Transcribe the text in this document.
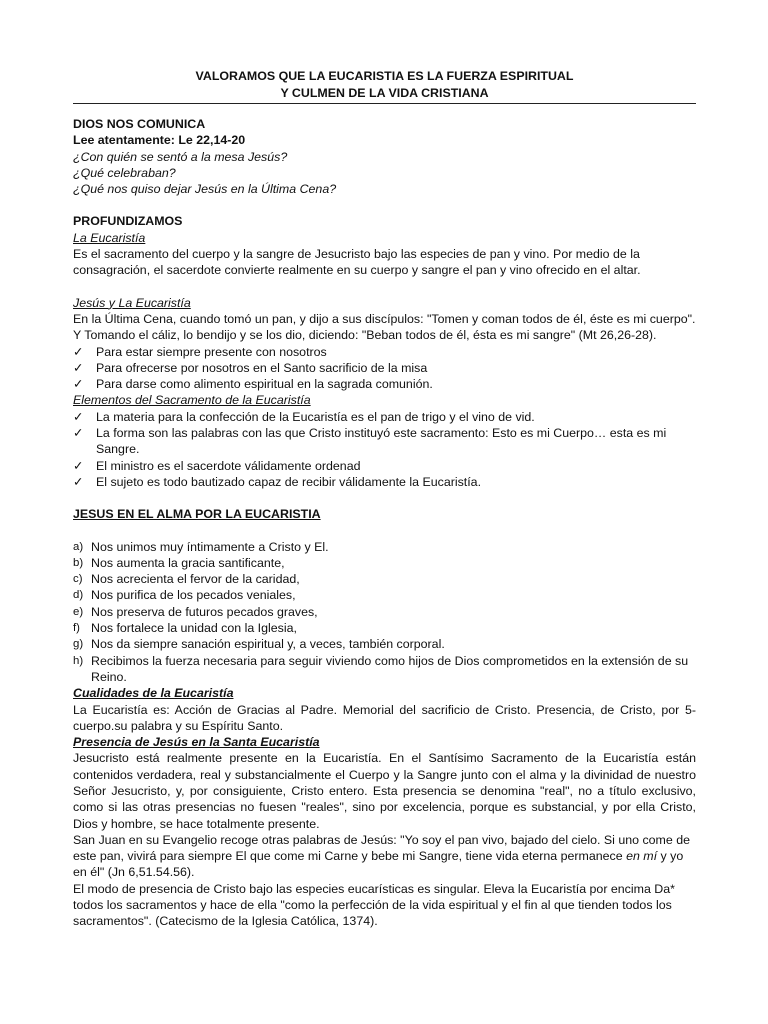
VALORAMOS QUE LA EUCARISTIA ES LA FUERZA ESPIRITUAL
Y CULMEN DE LA VIDA CRISTIANA
DIOS NOS COMUNICA
Lee atentamente: Le 22,14-20
¿Con quién se sentó a la mesa Jesús?
¿Qué celebraban?
¿Qué nos quiso dejar Jesús en la Última Cena?
PROFUNDIZAMOS
La Eucaristía

Es el sacramento del cuerpo y la sangre de Jesucristo bajo las especies de pan y vino. Por medio de la consagración, el sacerdote convierte realmente en su cuerpo y sangre el pan y vino ofrecido en el altar.

Jesús y La Eucaristía

En la Última Cena, cuando tomó un pan, y dijo a sus discípulos: "Tomen y coman todos de él, éste es mi cuerpo". Y Tomando el cáliz, lo bendijo y se los dio, diciendo: "Beban todos de él, ésta es mi sangre" (Mt 26,26-28).

✓ Para estar siempre presente con nosotros
✓ Para ofrecerse por nosotros en el Santo sacrificio de la misa
✓ Para darse como alimento espiritual en la sagrada comunión.
Elementos del Sacramento de la Eucaristía
✓ La materia para la confección de la Eucaristía es el pan de trigo y el vino de vid.
✓ La forma son las palabras con las que Cristo instituyó este sacramento: Esto es mi Cuerpo… esta es mi Sangre.
✓ El ministro es el sacerdote válidamente ordenad
✓ El sujeto es todo bautizado capaz de recibir válidamente la Eucaristía.
JESUS EN EL ALMA POR LA EUCARISTIA
a) Nos unimos muy íntimamente a Cristo y El.
b) Nos aumenta la gracia santificante,
c) Nos acrecienta el fervor de la caridad,
d) Nos purifica de los pecados veniales,
e) Nos preserva de futuros pecados graves,
f) Nos fortalece la unidad con la Iglesia,
g) Nos da siempre sanación espiritual y, a veces, también corporal.
h) Recibimos la fuerza necesaria para seguir viviendo como hijos de Dios comprometidos en la extensión de su Reino.
Cualidades de la Eucaristía

La Eucaristía es: Acción de Gracias al Padre. Memorial del sacrificio de Cristo. Presencia, de Cristo, por 5-cuerpo.su palabra y su Espíritu Santo.

Presencia de Jesús en la Santa Eucaristía

Jesucristo está realmente presente en la Eucaristía. En el Santísimo Sacramento de la Eucaristía están contenidos verdadera, real y substancialmente el Cuerpo y la Sangre junto con el alma y la divinidad de nuestro Señor Jesucristo, y, por consiguiente, Cristo entero. Esta presencia se denomina "real", no a título exclusivo, como si las otras presencias no fuesen "reales", sino por excelencia, porque es substancial, y por ella Cristo, Dios y hombre, se hace totalmente presente.

San Juan en su Evangelio recoge otras palabras de Jesús: "Yo soy el pan vivo, bajado del cielo. Si uno come de este pan, vivirá para siempre El que come mi Carne y bebe mi Sangre, tiene vida eterna permanece en mí y yo en él" (Jn 6,51.54.56).

El modo de presencia de Cristo bajo las especies eucarísticas es singular. Eleva la Eucaristía por encima Da* todos los sacramentos y hace de ella "como la perfección de la vida espiritual y el fin al que tienden todos los sacramentos". (Catecismo de la Iglesia Católica, 1374).
